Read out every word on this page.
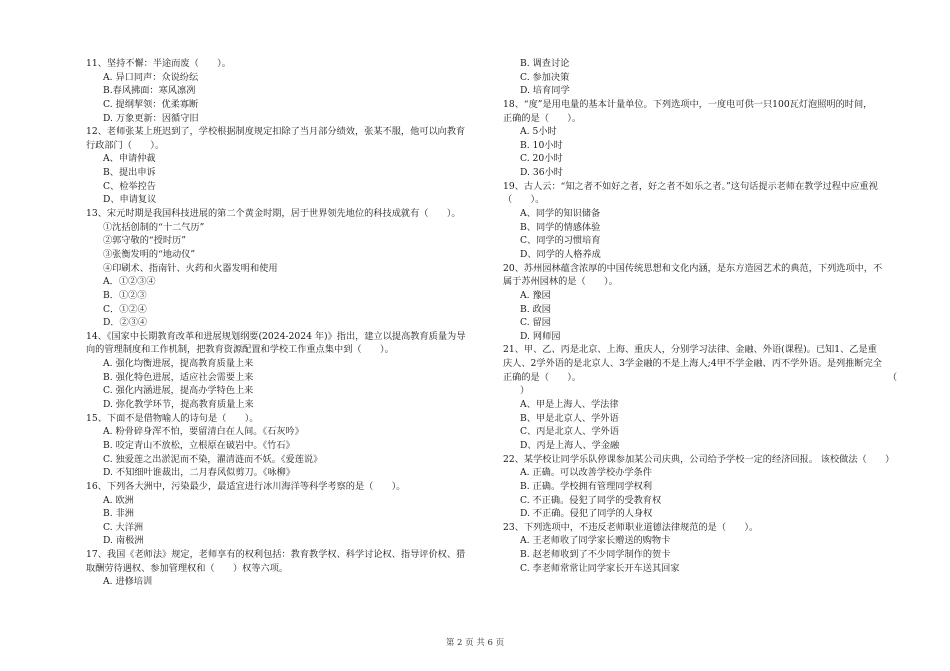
11、坚持不懈：半途而废（　　）。
A. 异口同声：众说纷纭
B.春风拂面：寒风凛冽
C. 提纲挈领：优柔寡断
D. 万象更新：因循守旧
12、老师张某上班迟到了，学校根据制度规定扣除了当月部分绩效，张某不服，他可以向教育
行政部门（　　）。
A、申请仲裁
B、提出申诉
C、检举控告
D、申请复议
13、宋元时期是我国科技进展的第二个黄金时期，居于世界领先地位的科技成就有（　　）。
①沈括创制的“十二气历”
②郭守敬的“授时历”
③张衡发明的“地动仪”
④印刷术、指南针、火药和火器发明和使用
A．①②③④
B．①②③
C．①②④
D．②③④
14、《国家中长期教育改革和进展规划纲要(2024-2024 年)》指出，建立以提高教育质量为导
向的管理制度和工作机制，把教育资源配置和学校工作重点集中到（　　）。
A. 强化均衡进展，提高教育质量上来
B. 强化特色进展，适应社会需要上来
C. 强化内涵进展，提高办学特色上来
D. 弥化教学环节，提高教育质量上来
15、下面不是借物喻人的诗句是（　　）。
A. 粉骨碎身浑不怕，要留清白在人间。《石灰吟》
B. 咬定青山不放松，立根原在破岩中。《竹石》
C. 独爱莲之出淤泥而不染，濯清涟而不妖。《爱莲说》
D. 不知细叶谁裁出，二月春风似剪刀。《咏柳》
16、下列各大洲中，污染最少，最适宜进行冰川海洋等科学考察的是（　　）。
A. 欧洲
B. 非洲
C. 大洋洲
D. 南极洲
17、我国《老师法》规定，老师享有的权利包括：教育教学权、科学讨论权、指导评价权、猎
取酬劳待遇权、参加管理权和（　　）权等六项。
A. 进修培训
B. 调查讨论
C. 参加决策
D. 培育同学
18、“度”是用电量的基本计量单位。下列选项中，一度电可供一只100瓦灯泡照明的时间，
正确的是（　　）。
A. 5小时
B. 10小时
C. 20小时
D. 36小时
19、古人云：“知之者不如好之者，好之者不如乐之者。”这句话提示老师在教学过程中应重视
（　　）。
A、同学的知识储备
B、同学的情感体验
C、同学的习惯培育
D、同学的人格养成
20、苏州园林蕴含浓厚的中国传统思想和文化内涵，是东方造园艺术的典范，下列选项中，不
属于苏州园林的是（　　）。
A. 豫园
B. 政园
C. 留园
D. 网师园
21、甲、乙、丙是北京、上海、重庆人，分别学习法律、金融、外语(课程)。已知1、乙是重
庆人、2学外语的是北京人、3学金融的不是上海人;4甲不学金融、丙不学外语。是列推断完全
正确的是（　　）。	（
）
A、甲是上海人、学法律
B、甲是北京人、学外语
C、丙是北京人、学外语
D、丙是上海人、学金融
22、某学校让同学乐队停课参加某公司庆典，公司给予学校一定的经济回报。 该校做法（　　）
A. 正确。可以改善学校办学条件
B. 正确。学校拥有管理同学权利
C. 不正确。侵犯了同学的受教育权
D. 不正确。侵犯了同学的人身权
23、下列选项中，不违反老师职业道德法律规范的是（　　）。
A. 王老师收了同学家长赠送的购物卡
B. 赵老师收到了不少同学制作的贺卡
C. 李老师常常让同学家长开车送其回家
第 2 页 共 6 页
